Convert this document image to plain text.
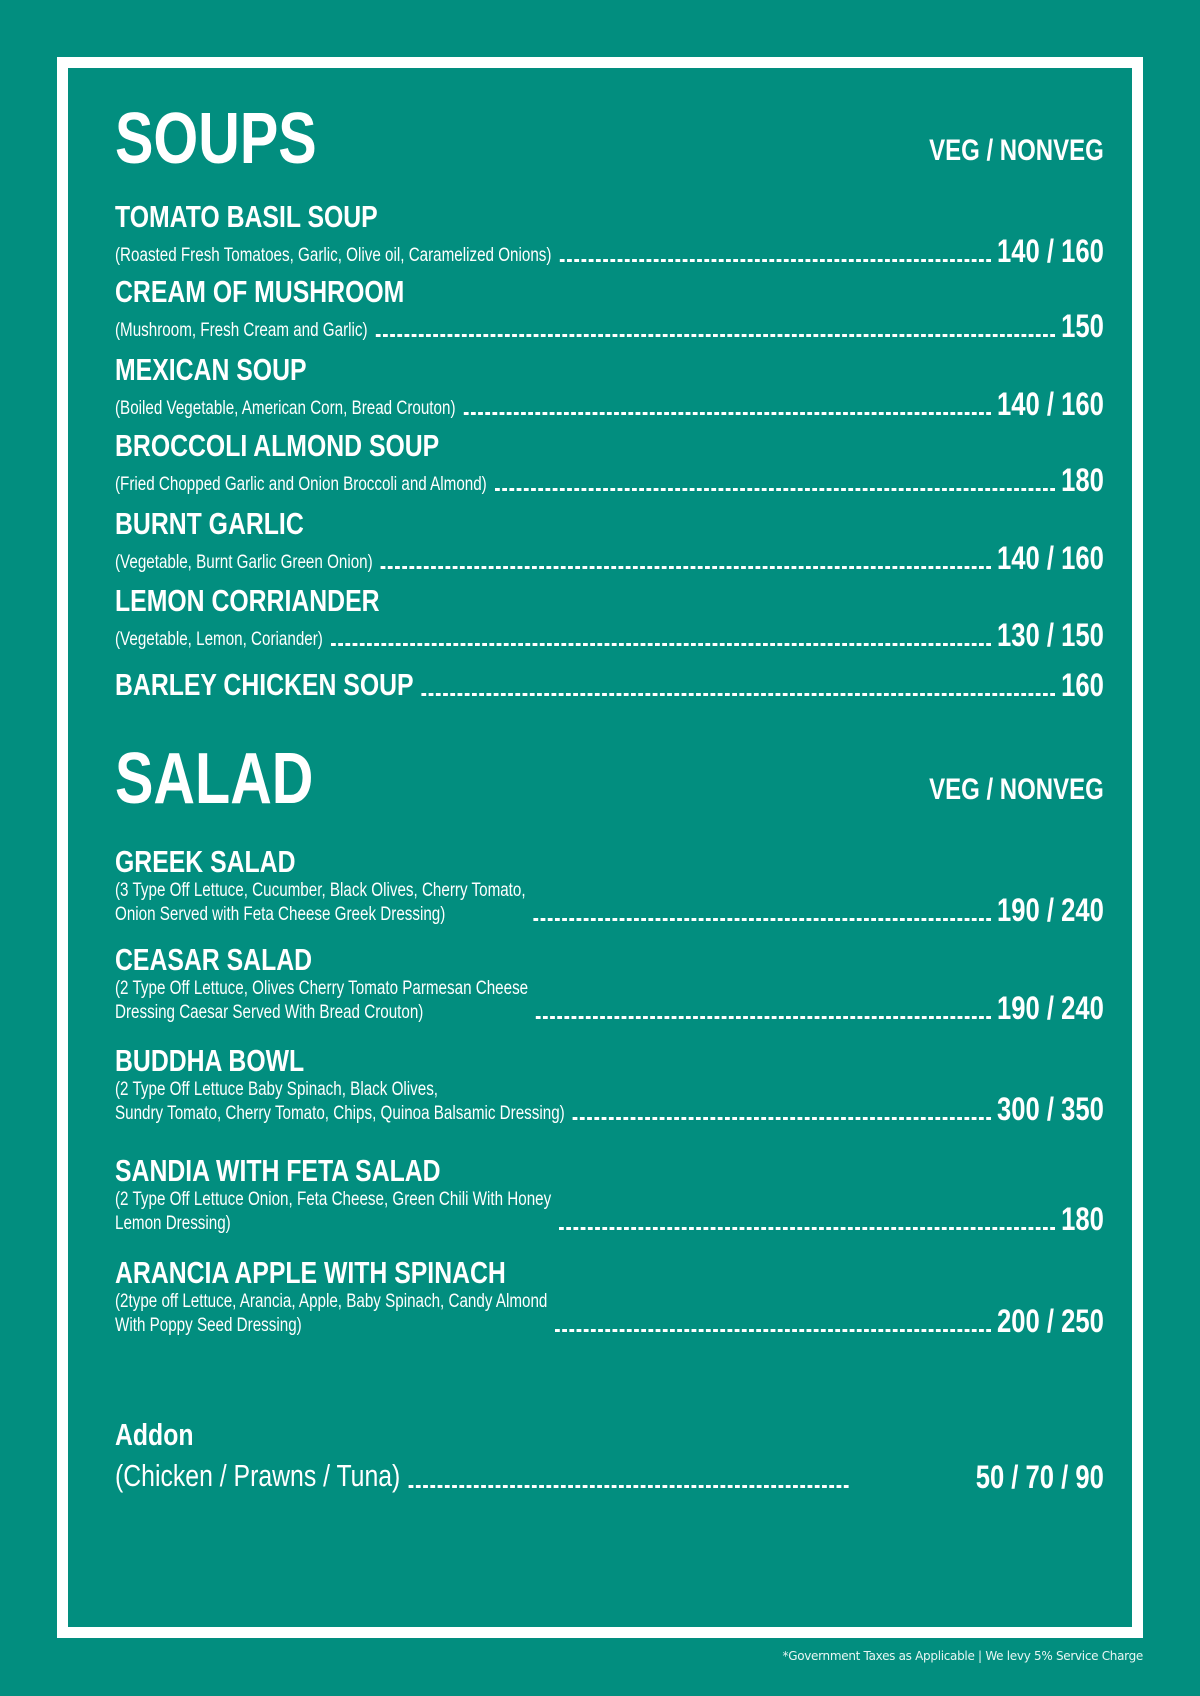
SOUPS	VEG / NONVEG
TOMATO BASIL SOUP
(Roasted Fresh Tomatoes, Garlic, Olive oil, Caramelized Onions)	140 / 160
CREAM OF MUSHROOM
(Mushroom, Fresh Cream and Garlic)	150
MEXICAN SOUP
(Boiled Vegetable, American Corn, Bread Crouton)	140 / 160
BROCCOLI ALMOND SOUP
(Fried Chopped Garlic and Onion Broccoli and Almond)	180
BURNT GARLIC
(Vegetable, Burnt Garlic Green Onion)	140 / 160
LEMON CORRIANDER
(Vegetable, Lemon, Coriander)	130 / 150
BARLEY CHICKEN SOUP	160
SALAD	VEG / NONVEG
GREEK SALAD
(3 Type Off Lettuce, Cucumber, Black Olives, Cherry Tomato,
Onion Served with Feta Cheese Greek Dressing)	190 / 240
CEASAR SALAD
(2 Type Off Lettuce, Olives Cherry Tomato Parmesan Cheese
Dressing Caesar Served With Bread Crouton)	190 / 240
BUDDHA BOWL
(2 Type Off Lettuce Baby Spinach, Black Olives,
Sundry Tomato, Cherry Tomato, Chips, Quinoa Balsamic Dressing)	300 / 350
SANDIA WITH FETA SALAD
(2 Type Off Lettuce Onion, Feta Cheese, Green Chili With Honey
Lemon Dressing)	180
ARANCIA APPLE WITH SPINACH
(2type off Lettuce, Arancia, Apple, Baby Spinach, Candy Almond
With Poppy Seed Dressing)	200 / 250
Addon
(Chicken / Prawns / Tuna)	50 / 70 / 90
*Government Taxes as Applicable | We levy 5% Service Charge
